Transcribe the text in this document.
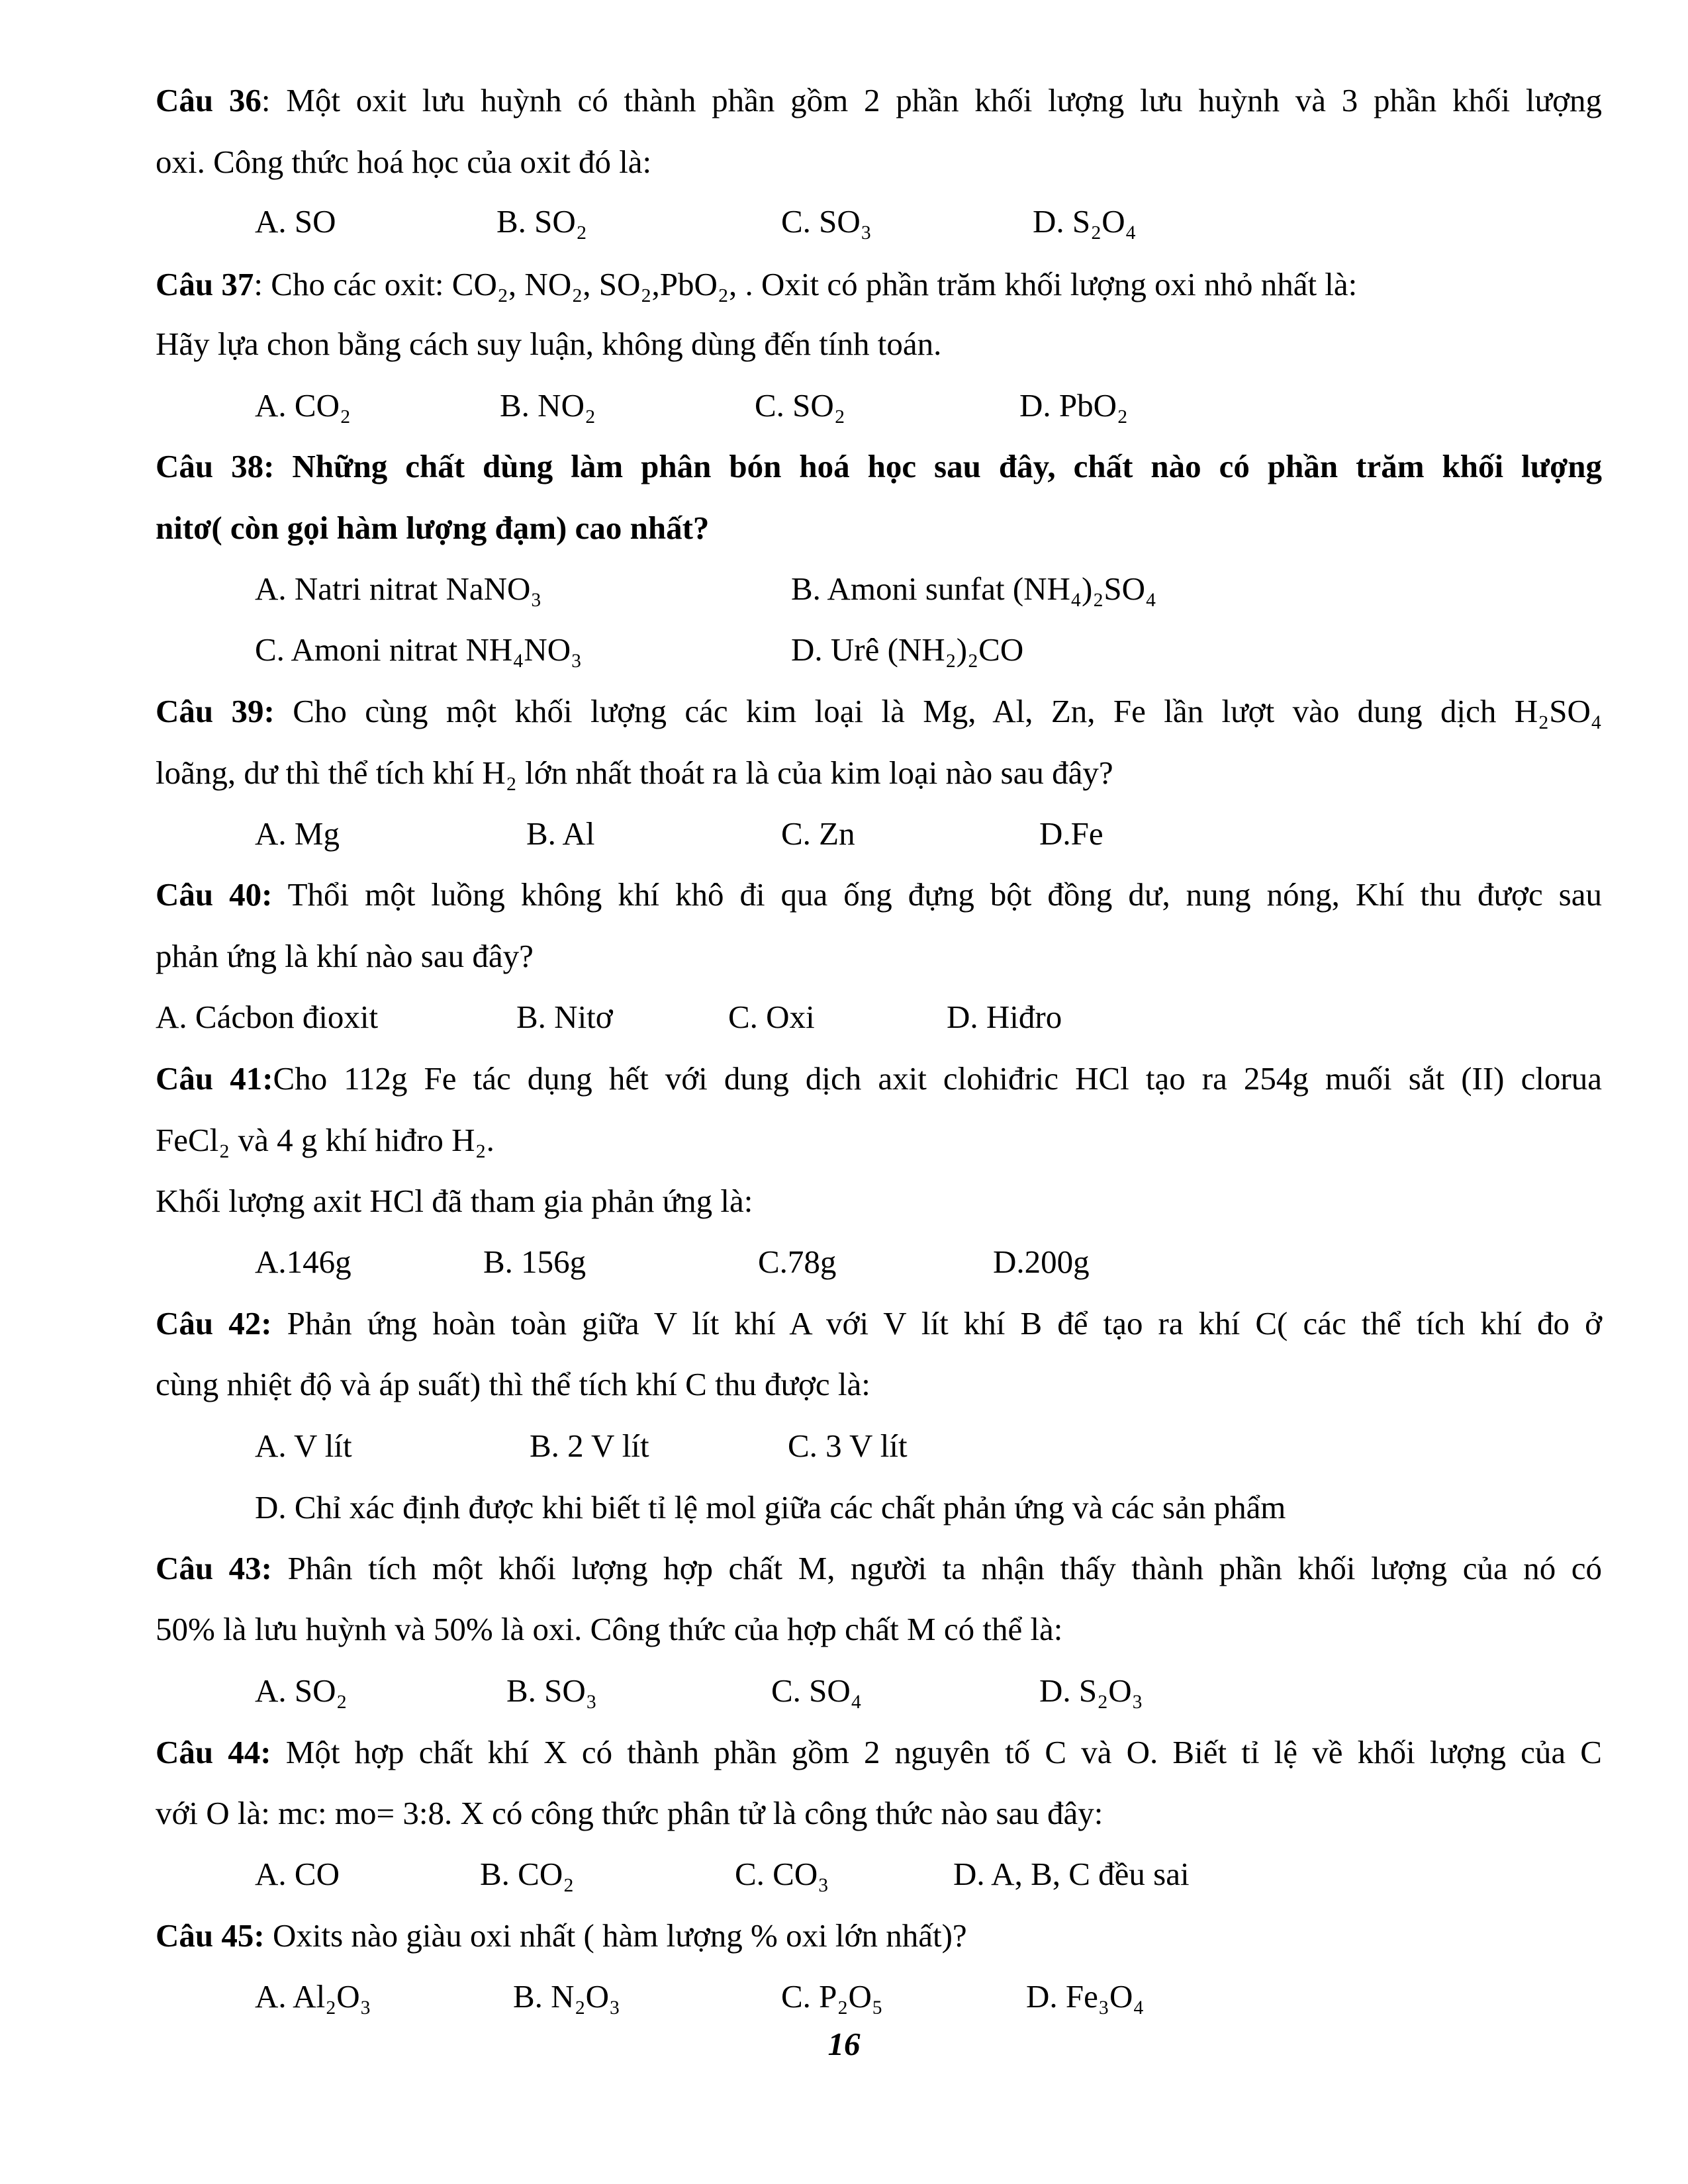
Câu 36: Một oxit lưu huỳnh có thành phần gồm 2 phần khối lượng lưu huỳnh và 3 phần khối lượng
oxi. Công thức hoá học của oxit đó là:
A. SO	B. SO₂	C. SO₃	D. S₂O₄
Câu 37: Cho các oxit: CO₂, NO₂, SO₂,PbO₂, . Oxit có phần trăm khối lượng oxi nhỏ nhất là:
Hãy lựa chon bằng cách suy luận, không dùng đến tính toán.
A. CO₂	B. NO₂	C. SO₂	D. PbO₂
Câu 38: Những chất dùng làm phân bón hoá học sau đây, chất nào có phần trăm khối lượng
nitơ( còn gọi hàm lượng đạm) cao nhất?
A. Natri nitrat NaNO₃	B. Amoni sunfat (NH₄)₂SO₄
C. Amoni nitrat NH₄NO₃	D. Urê (NH₂)₂CO
Câu 39: Cho cùng một khối lượng các kim loại là Mg, Al, Zn, Fe lần lượt vào dung dịch H₂SO₄
loãng, dư thì thể tích khí H₂ lớn nhất thoát ra là của kim loại nào sau đây?
A. Mg	B. Al	C. Zn	D.Fe
Câu 40: Thổi một luồng không khí khô đi qua ống đựng bột đồng dư, nung nóng, Khí thu được sau
phản ứng là khí nào sau đây?
A. Cácbon đioxit	B. Nitơ	C. Oxi	D. Hiđro
Câu 41:Cho 112g Fe tác dụng hết với dung dịch axit clohiđric HCl tạo ra 254g muối sắt (II) clorua
FeCl₂ và 4 g khí hiđro H₂.
Khối lượng axit HCl đã tham gia phản ứng là:
A.146g	B. 156g	C.78g	D.200g
Câu 42: Phản ứng hoàn toàn giữa V lít khí A với V lít khí B để tạo ra khí C( các thể tích khí đo ở
cùng nhiệt độ và áp suất) thì thể tích khí C thu được là:
A. V lít	B. 2 V lít	C. 3 V lít
D. Chỉ xác định được khi biết tỉ lệ mol giữa các chất phản ứng và các sản phẩm
Câu 43: Phân tích một khối lượng hợp chất M, người ta nhận thấy thành phần khối lượng của nó có
50% là lưu huỳnh và 50% là oxi. Công thức của hợp chất M có thể là:
A. SO₂	B. SO₃	C. SO₄	D. S₂O₃
Câu 44: Một hợp chất khí X có thành phần gồm 2 nguyên tố C và O. Biết tỉ lệ về khối lượng của C
với O là: mc: mo= 3:8. X có công thức phân tử là công thức nào sau đây:
A. CO	B. CO₂	C. CO₃	D. A, B, C đều sai
Câu 45: Oxits nào giàu oxi nhất ( hàm lượng % oxi lớn nhất)?
A. Al₂O₃	B. N₂O₃	C. P₂O₅	D. Fe₃O₄
16
